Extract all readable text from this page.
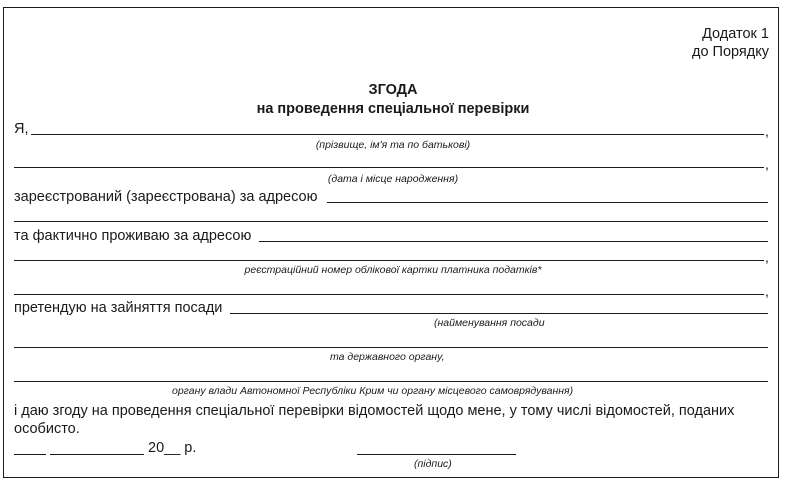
Додаток 1
до Порядку
ЗГОДА
на проведення спеціальної перевірки
Я,	,
(прізвище, ім'я та по батькові)
,
(дата і місце народження)
зареєстрований (зареєстрована) за адресою
та фактично проживаю за адресою
,
реєстраційний номер облікової картки платника податків*
,
претендую на зайняття посади
(найменування посади
та державного органу,
органу влади Автономної Республіки Крим чи органу місцевого самоврядування)
і даю згоду на проведення спеціальної перевірки відомостей щодо мене, у тому числі відомостей, поданих
особисто.
20__ р.
(підпис)
